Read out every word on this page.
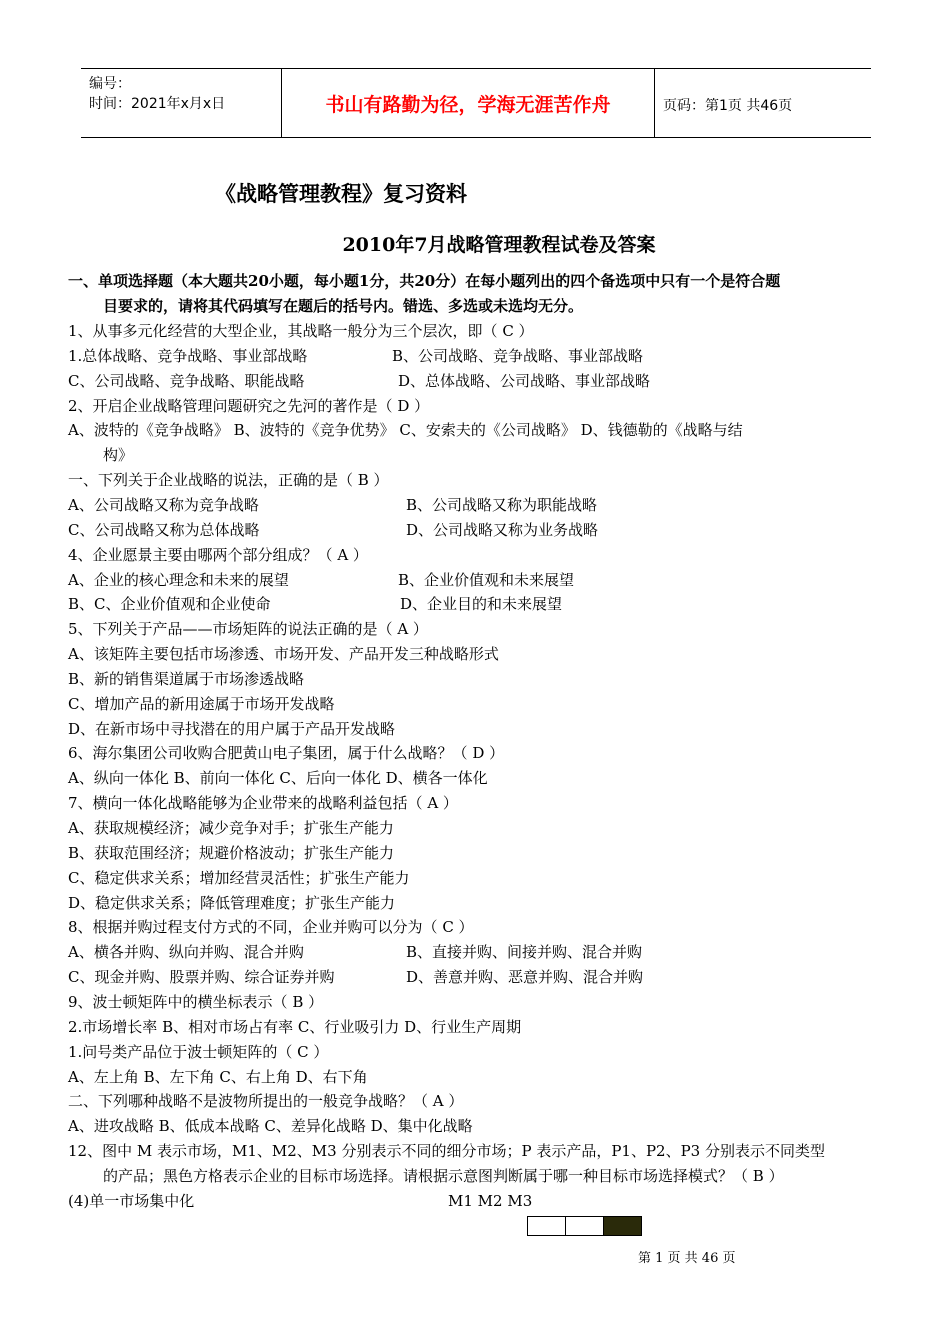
编号：
时间：2021年x月x日	书山有路勤为径，学海无涯苦作舟	页码：第1页 共46页
《战略管理教程》复习资料
2010年7月战略管理教程试卷及答案
一、单项选择题（本大题共20小题，每小题1分，共20分）在每小题列出的四个备选项中只有一个是符合题
目要求的，请将其代码填写在题后的括号内。错选、多选或未选均无分。
1、从事多元化经营的大型企业，其战略一般分为三个层次，即（ C ）
1.总体战略、竞争战略、事业部战略	B、公司战略、竞争战略、事业部战略
C、公司战略、竞争战略、职能战略	D、总体战略、公司战略、事业部战略
2、开启企业战略管理问题研究之先河的著作是（ D ）
A、波特的《竞争战略》 B、波特的《竞争优势》 C、安索夫的《公司战略》 D、钱德勒的《战略与结
构》
一、下列关于企业战略的说法，正确的是（ B ）
A、公司战略又称为竞争战略	B、公司战略又称为职能战略
C、公司战略又称为总体战略	D、公司战略又称为业务战略
4、企业愿景主要由哪两个部分组成？（ A ）
A、企业的核心理念和未来的展望	B、企业价值观和未来展望
B、C、企业价值观和企业使命	D、企业目的和未来展望
5、下列关于产品——市场矩阵的说法正确的是（ A ）
A、该矩阵主要包括市场渗透、市场开发、产品开发三种战略形式
B、新的销售渠道属于市场渗透战略
C、增加产品的新用途属于市场开发战略
D、在新市场中寻找潜在的用户属于产品开发战略
6、海尔集团公司收购合肥黄山电子集团，属于什么战略？（ D ）
A、纵向一体化 B、前向一体化 C、后向一体化 D、横各一体化
7、横向一体化战略能够为企业带来的战略利益包括（ A ）
A、获取规模经济；减少竞争对手；扩张生产能力
B、获取范围经济；规避价格波动；扩张生产能力
C、稳定供求关系；增加经营灵活性；扩张生产能力
D、稳定供求关系；降低管理难度；扩张生产能力
8、根据并购过程支付方式的不同，企业并购可以分为（ C ）
A、横各并购、纵向并购、混合并购	B、直接并购、间接并购、混合并购
C、现金并购、股票并购、综合证券并购	D、善意并购、恶意并购、混合并购
9、波士顿矩阵中的横坐标表示（ B ）
2.市场增长率 B、相对市场占有率 C、行业吸引力 D、行业生产周期
1.问号类产品位于波士顿矩阵的（ C ）
A、左上角 B、左下角 C、右上角 D、右下角
二、下列哪种战略不是波物所提出的一般竞争战略？（ A ）
A、进攻战略 B、低成本战略 C、差异化战略 D、集中化战略
12、图中 M 表示市场，M1、M2、M3 分别表示不同的细分市场；P 表示产品，P1、P2、P3 分别表示不同类型
的产品；黑色方格表示企业的目标市场选择。请根据示意图判断属于哪一种目标市场选择模式？（ B ）
(4)单一市场集中化	M1 M2 M3
第 1 页 共 46 页
